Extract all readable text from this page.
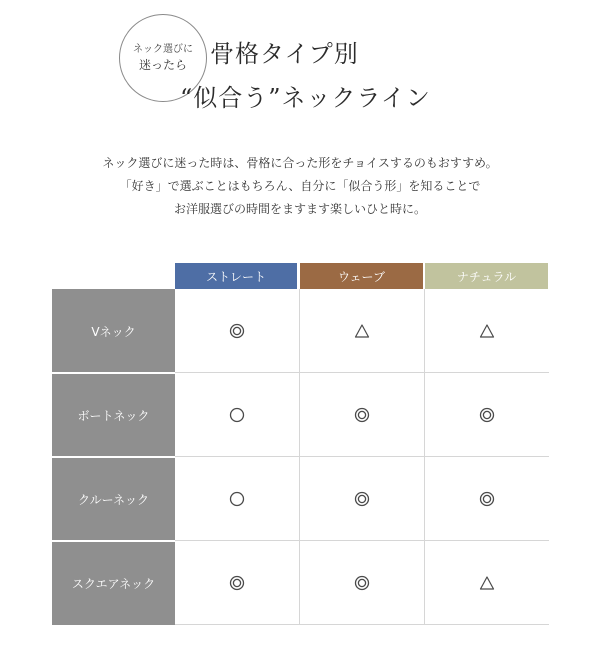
ネック選びに
迷ったら 骨格タイプ別
“似合う”ネックライン
ネック選びに迷った時は、骨格に合った形をチョイスするのもおすすめ。
「好き」で選ぶことはもちろん、自分に「似合う形」を知ることで
お洋服選びの時間をますます楽しいひと時に。
ストレート	ウェーブ	ナチュラル
Vネック
ボートネック
クルーネック
スクエアネック
